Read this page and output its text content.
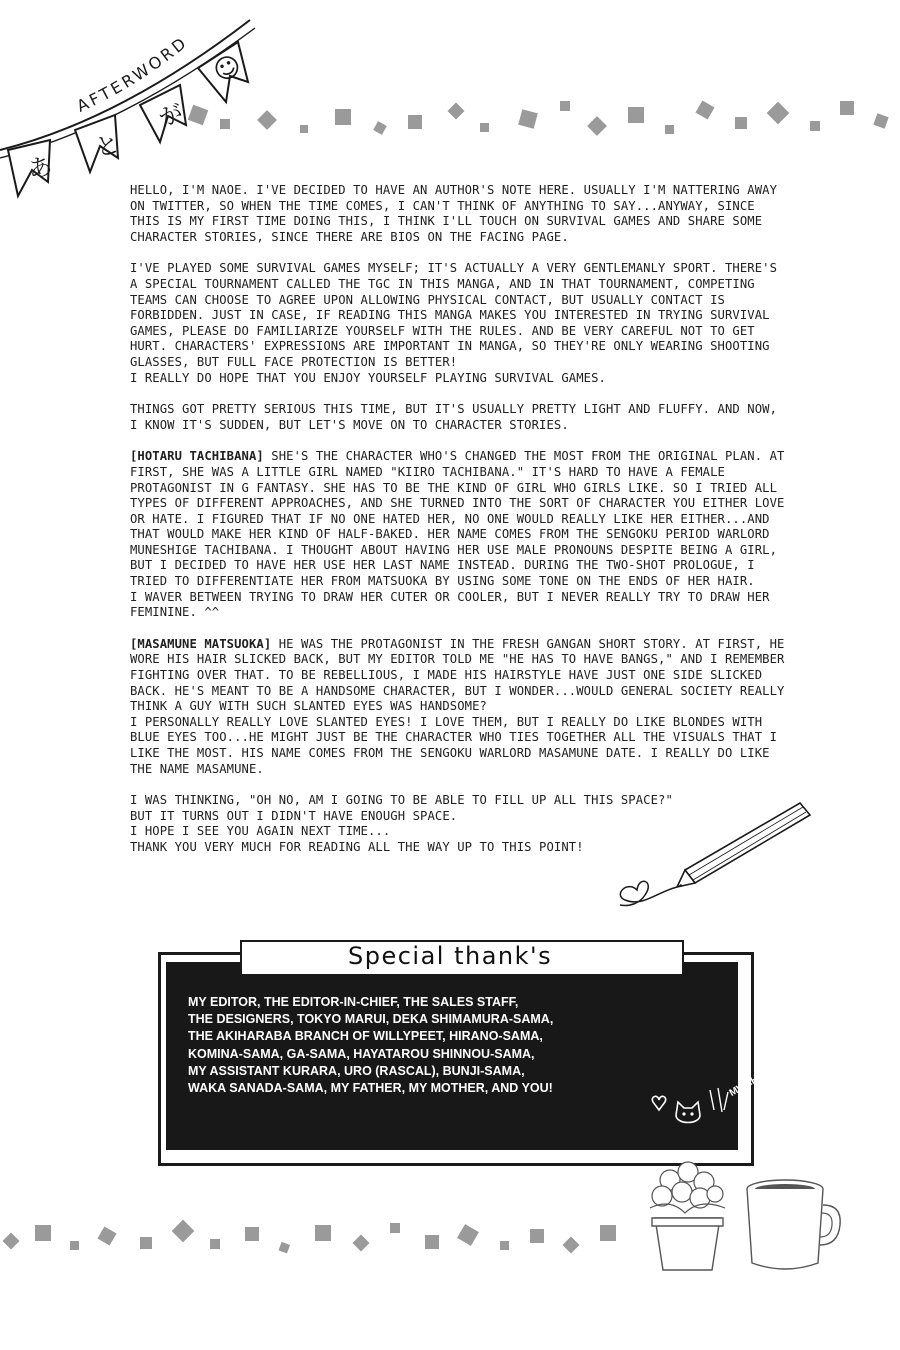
AFTERWORD
あ
と
が
☺

HELLO, I'M NAOE. I'VE DECIDED TO HAVE AN AUTHOR'S NOTE HERE. USUALLY I'M NATTERING AWAY ON TWITTER, SO WHEN THE TIME COMES, I CAN'T THINK OF ANYTHING TO SAY...ANYWAY, SINCE THIS IS MY FIRST TIME DOING THIS, I THINK I'LL TOUCH ON SURVIVAL GAMES AND SHARE SOME CHARACTER STORIES, SINCE THERE ARE BIOS ON THE FACING PAGE.

I'VE PLAYED SOME SURVIVAL GAMES MYSELF; IT'S ACTUALLY A VERY GENTLEMANLY SPORT. THERE'S A SPECIAL TOURNAMENT CALLED THE TGC IN THIS MANGA, AND IN THAT TOURNAMENT, COMPETING TEAMS CAN CHOOSE TO AGREE UPON ALLOWING PHYSICAL CONTACT, BUT USUALLY CONTACT IS FORBIDDEN. JUST IN CASE, IF READING THIS MANGA MAKES YOU INTERESTED IN TRYING SURVIVAL GAMES, PLEASE DO FAMILIARIZE YOURSELF WITH THE RULES. AND BE VERY CAREFUL NOT TO GET HURT. CHARACTERS' EXPRESSIONS ARE IMPORTANT IN MANGA, SO THEY'RE ONLY WEARING SHOOTING GLASSES, BUT FULL FACE PROTECTION IS BETTER!
I REALLY DO HOPE THAT YOU ENJOY YOURSELF PLAYING SURVIVAL GAMES.

THINGS GOT PRETTY SERIOUS THIS TIME, BUT IT'S USUALLY PRETTY LIGHT AND FLUFFY. AND NOW, I KNOW IT'S SUDDEN, BUT LET'S MOVE ON TO CHARACTER STORIES.

[HOTARU TACHIBANA] SHE'S THE CHARACTER WHO'S CHANGED THE MOST FROM THE ORIGINAL PLAN. AT FIRST, SHE WAS A LITTLE GIRL NAMED "KIIRO TACHIBANA." IT'S HARD TO HAVE A FEMALE PROTAGONIST IN G FANTASY. SHE HAS TO BE THE KIND OF GIRL WHO GIRLS LIKE. SO I TRIED ALL TYPES OF DIFFERENT APPROACHES, AND SHE TURNED INTO THE SORT OF CHARACTER YOU EITHER LOVE OR HATE. I FIGURED THAT IF NO ONE HATED HER, NO ONE WOULD REALLY LIKE HER EITHER...AND THAT WOULD MAKE HER KIND OF HALF-BAKED. HER NAME COMES FROM THE SENGOKU PERIOD WARLORD MUNESHIGE TACHIBANA. I THOUGHT ABOUT HAVING HER USE MALE PRONOUNS DESPITE BEING A GIRL, BUT I DECIDED TO HAVE HER USE HER LAST NAME INSTEAD. DURING THE TWO-SHOT PROLOGUE, I TRIED TO DIFFERENTIATE HER FROM MATSUOKA BY USING SOME TONE ON THE ENDS OF HER HAIR.
I WAVER BETWEEN TRYING TO DRAW HER CUTER OR COOLER, BUT I NEVER REALLY TRY TO DRAW HER FEMININE. ^^

[MASAMUNE MATSUOKA] HE WAS THE PROTAGONIST IN THE FRESH GANGAN SHORT STORY. AT FIRST, HE WORE HIS HAIR SLICKED BACK, BUT MY EDITOR TOLD ME "HE HAS TO HAVE BANGS," AND I REMEMBER FIGHTING OVER THAT. TO BE REBELLIOUS, I MADE HIS HAIRSTYLE HAVE JUST ONE SIDE SLICKED BACK. HE'S MEANT TO BE A HANDSOME CHARACTER, BUT I WONDER...WOULD GENERAL SOCIETY REALLY THINK A GUY WITH SUCH SLANTED EYES WAS HANDSOME?
I PERSONALLY REALLY LOVE SLANTED EYES! I LOVE THEM, BUT I REALLY DO LIKE BLONDES WITH BLUE EYES TOO...HE MIGHT JUST BE THE CHARACTER WHO TIES TOGETHER ALL THE VISUALS THAT I LIKE THE MOST. HIS NAME COMES FROM THE SENGOKU WARLORD MASAMUNE DATE. I REALLY DO LIKE THE NAME MASAMUNE.

I WAS THINKING, "OH NO, AM I GOING TO BE ABLE TO FILL UP ALL THIS SPACE?"
BUT IT TURNS OUT I DIDN'T HAVE ENOUGH SPACE.
I HOPE I SEE YOU AGAIN NEXT TIME...
THANK YOU VERY MUCH FOR READING ALL THE WAY UP TO THIS POINT!

Special thank's
MY EDITOR, THE EDITOR-IN-CHIEF, THE SALES STAFF,
THE DESIGNERS, TOKYO MARUI, DEKA SHIMAMURA-SAMA,
THE AKIHARABA BRANCH OF WILLYPEET, HIRANO-SAMA,
KOMINA-SAMA, GA-SAMA, HAYATAROU SHINNOU-SAMA,
MY ASSISTANT KURARA, URO (RASCAL), BUNJI-SAMA,
WAKA SANADA-SAMA, MY FATHER, MY MOTHER, AND YOU!	MWAH!
